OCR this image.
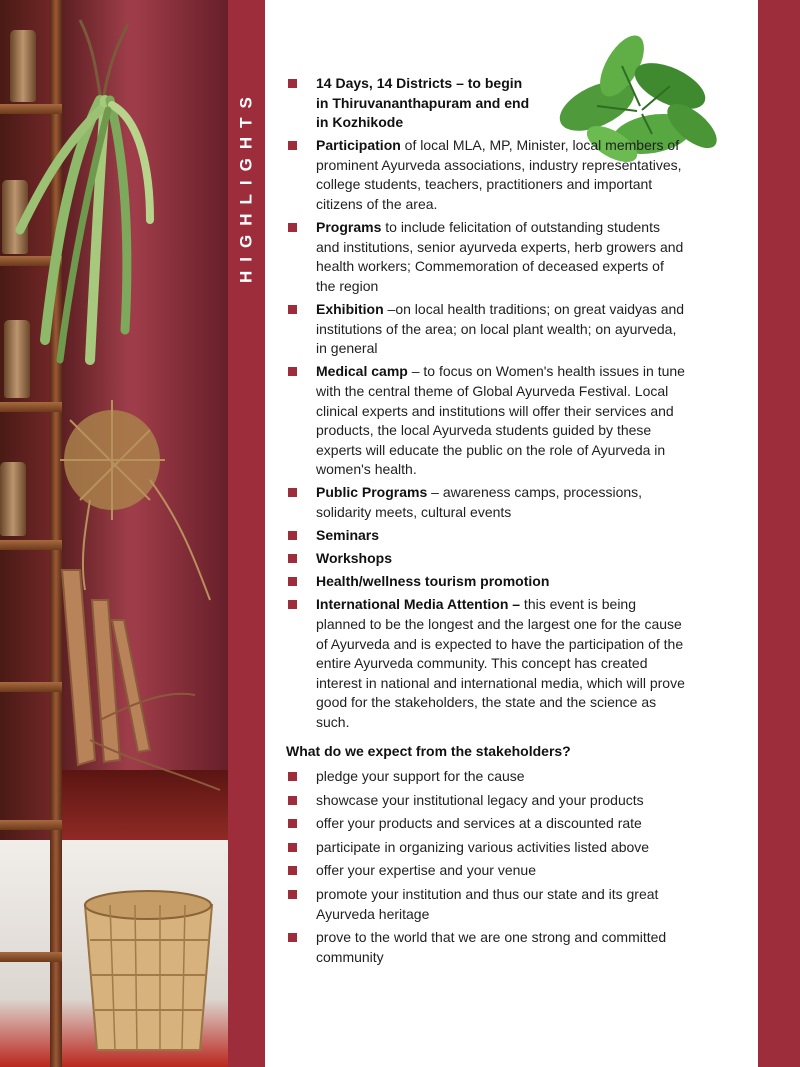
HIGHLIGHTS
14 Days, 14 Districts – to begin in Thiruvananthapuram and end in Kozhikode
Participation of local MLA, MP, Minister, local members of prominent Ayurveda associations, industry representatives, college students, teachers, practitioners and important citizens of the area.
Programs to include felicitation of outstanding students and institutions, senior ayurveda experts, herb growers and health workers; Commemoration of deceased experts of the region
Exhibition –on local health traditions; on great vaidyas and institutions of the area; on local plant wealth; on ayurveda, in general
Medical camp – to focus on Women's health issues in tune with the central theme of Global Ayurveda Festival. Local clinical experts and institutions will offer their services and products, the local Ayurveda students guided by these experts will educate the public on the role of Ayurveda in women's health.
Public Programs – awareness camps, processions, solidarity meets, cultural events
Seminars
Workshops
Health/wellness tourism promotion
International Media Attention – this event is being planned to be the longest and the largest one for the cause of Ayurveda and is expected to have the participation of the entire Ayurveda community. This concept has created interest in national and international media, which will prove good for the stakeholders, the state and the science as such.
What do we expect from the stakeholders?
pledge your support for the cause
showcase your institutional legacy and your products
offer your products and services at a discounted rate
participate in organizing various activities listed above
offer your expertise and your venue
promote your institution and thus our state and its great Ayurveda heritage
prove to the world that we are one strong and committed community
